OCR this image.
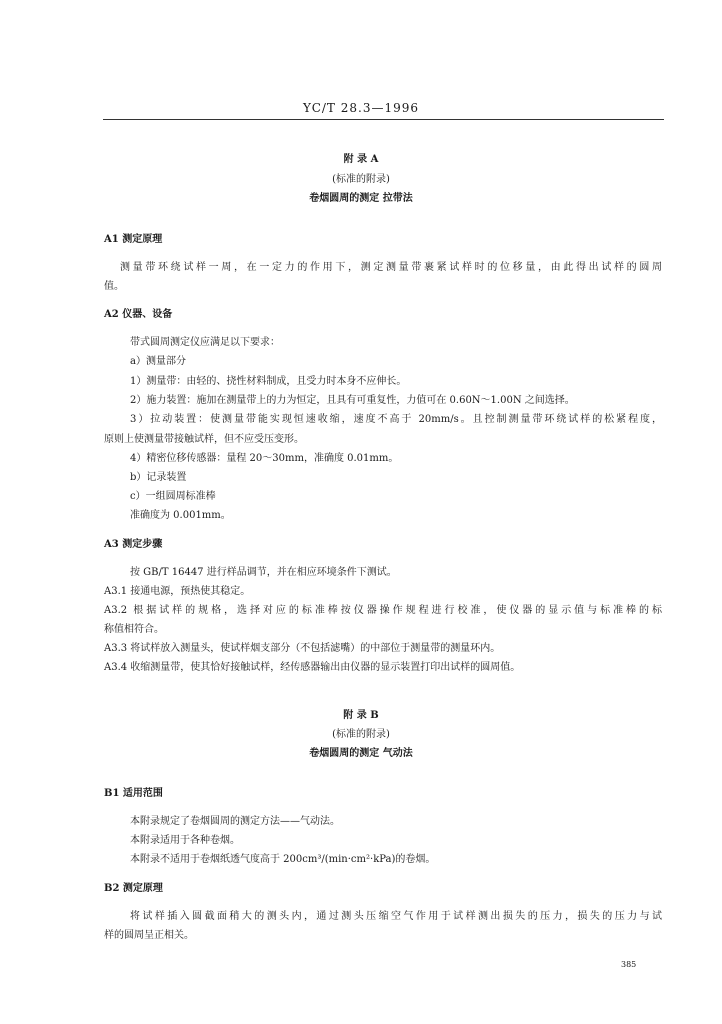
YC/T 28.3—1996
附 录 A
(标准的附录)
卷烟圆周的测定 拉带法
A1 测定原理
测量带环绕试样一周，在一定力的作用下，测定测量带裹紧试样时的位移量，由此得出试样的圆周
值。
A2 仪器、设备
带式圆周测定仪应满足以下要求：
a）测量部分
1）测量带：由轻的、挠性材料制成，且受力时本身不应伸长。
2）施力装置：施加在测量带上的力为恒定，且具有可重复性，力值可在 0.60N～1.00N 之间选择。
3）拉动装置：使测量带能实现恒速收缩，速度不高于 20mm/s。且控制测量带环绕试样的松紧程度，
原则上使测量带接触试样，但不应受压变形。
4）精密位移传感器：量程 20～30mm，准确度 0.01mm。
b）记录装置
c）一组圆周标准棒
准确度为 0.001mm。
A3 测定步骤
按 GB/T 16447 进行样品调节，并在相应环境条件下测试。
A3.1 接通电源，预热使其稳定。
A3.2 根据试样的规格，选择对应的标准棒按仪器操作规程进行校准，使仪器的显示值与标准棒的标
称值相符合。
A3.3 将试样放入测量头，使试样烟支部分（不包括滤嘴）的中部位于测量带的测量环内。
A3.4 收缩测量带，使其恰好接触试样，经传感器输出由仪器的显示装置打印出试样的圆周值。
附 录 B
(标准的附录)
卷烟圆周的测定 气动法
B1 适用范围
本附录规定了卷烟圆周的测定方法——气动法。
本附录适用于各种卷烟。
本附录不适用于卷烟纸透气度高于 200cm³/(min·cm²·kPa)的卷烟。
B2 测定原理
将试样插入圆截面稍大的测头内，通过测头压缩空气作用于试样测出损失的压力，损失的压力与试
样的圆周呈正相关。
385
